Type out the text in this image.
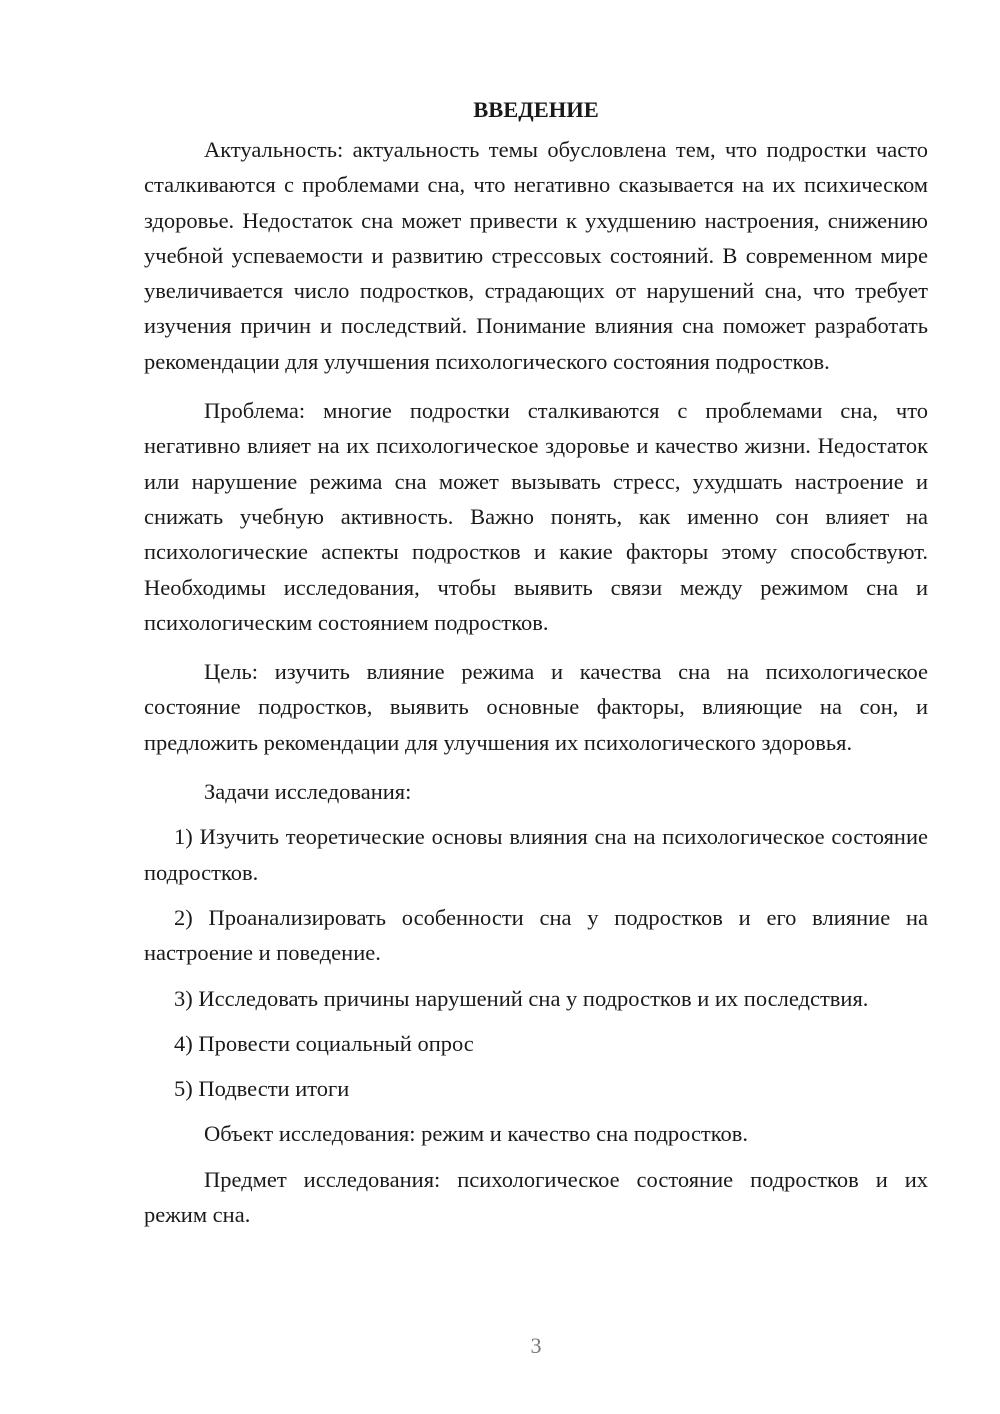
ВВЕДЕНИЕ

Актуальность: актуальность темы обусловлена тем, что подростки часто сталкиваются с проблемами сна, что негативно сказывается на их психическом здоровье. Недостаток сна может привести к ухудшению настроения, снижению учебной успеваемости и развитию стрессовых состояний. В современном мире увеличивается число подростков, страдающих от нарушений сна, что требует изучения причин и последствий. Понимание влияния сна поможет разработать рекомендации для улучшения психологического состояния подростков.

Проблема: многие подростки сталкиваются с проблемами сна, что негативно влияет на их психологическое здоровье и качество жизни. Недостаток или нарушение режима сна может вызывать стресс, ухудшать настроение и снижать учебную активность. Важно понять, как именно сон влияет на психологические аспекты подростков и какие факторы этому способствуют. Необходимы исследования, чтобы выявить связи между режимом сна и психологическим состоянием подростков.

Цель: изучить влияние режима и качества сна на психологическое состояние подростков, выявить основные факторы, влияющие на сон, и предложить рекомендации для улучшения их психологического здоровья.

Задачи исследования:

1) Изучить теоретические основы влияния сна на психологическое состояние подростков.

2) Проанализировать особенности сна у подростков и его влияние на настроение и поведение.

3) Исследовать причины нарушений сна у подростков и их последствия.

4) Провести социальный опрос

5) Подвести итоги

Объект исследования: режим и качество сна подростков.

Предмет исследования: психологическое состояние подростков и их режим сна.

3
